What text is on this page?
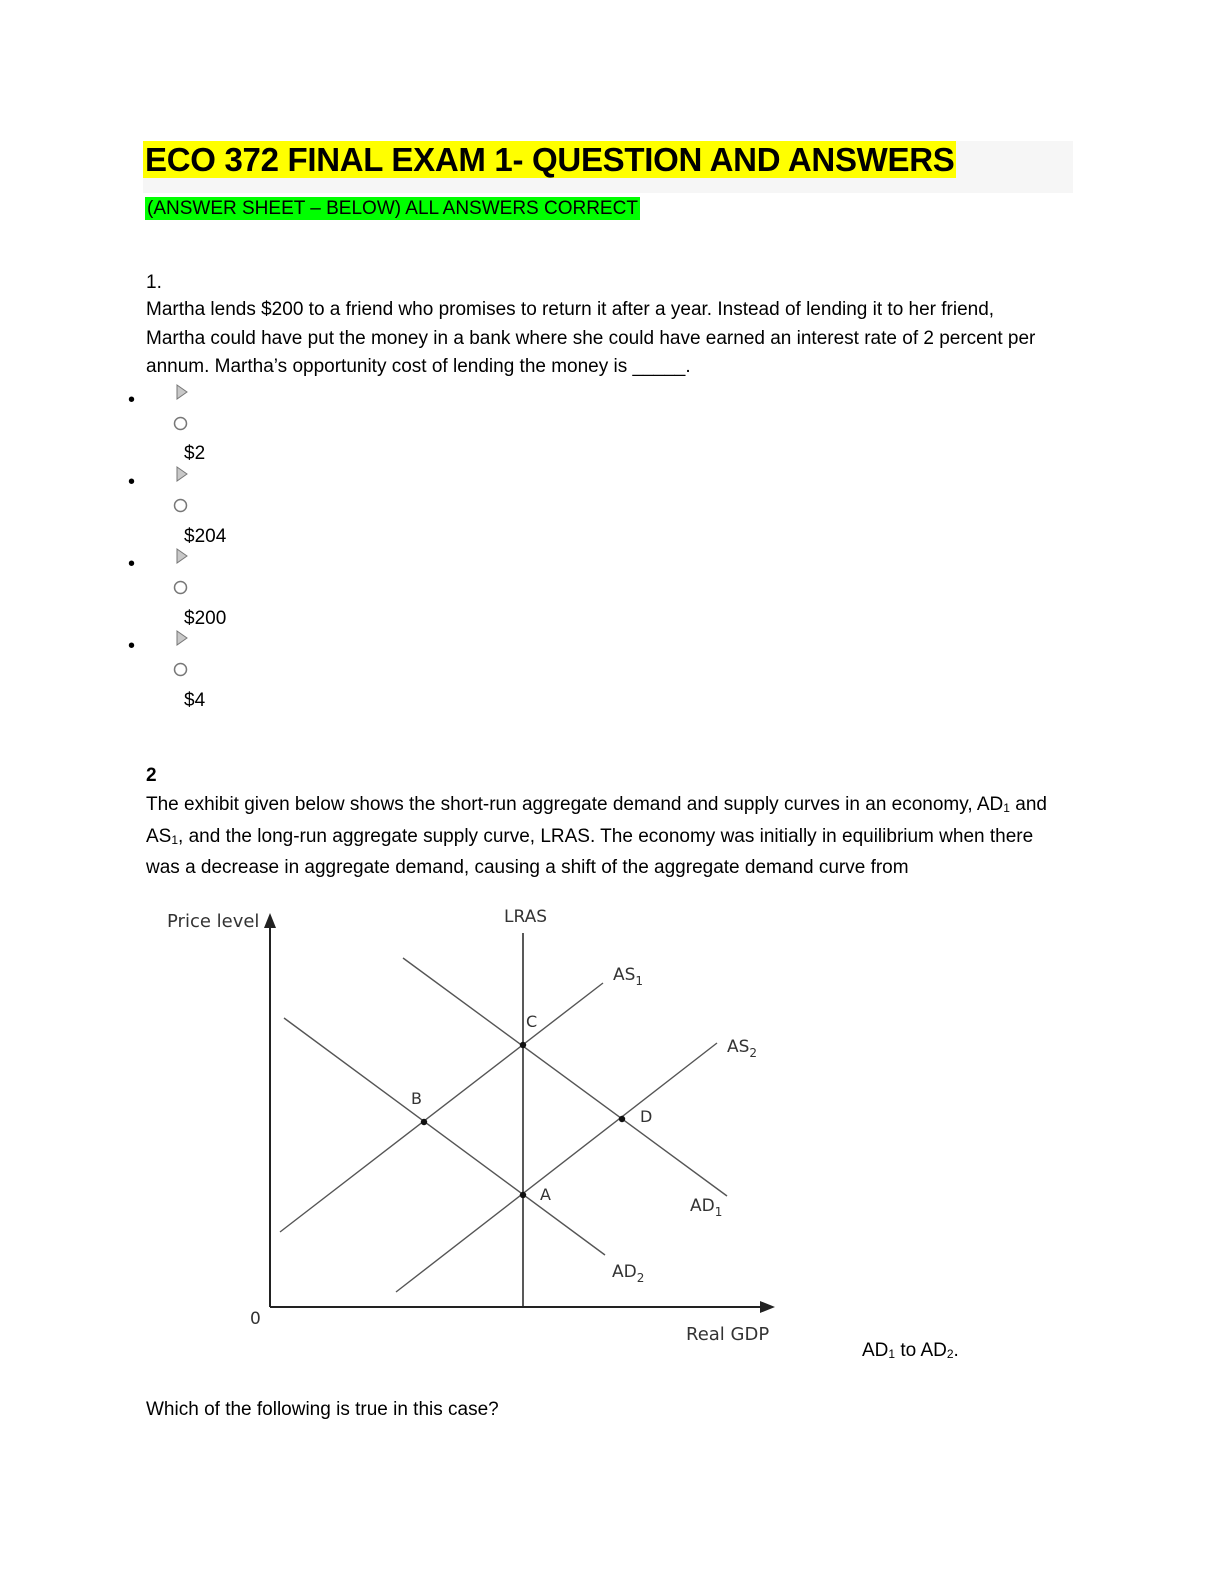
ECO 372 FINAL EXAM 1- QUESTION AND ANSWERS
(ANSWER SHEET – BELOW) ALL ANSWERS CORRECT
1.
Martha lends $200 to a friend who promises to return it after a year. Instead of lending it to her friend, Martha could have put the money in a bank where she could have earned an interest rate of 2 percent per annum. Martha’s opportunity cost of lending the money is _____.
•
$2
•
$204
•
$200
•
$4
2
The exhibit given below shows the short-run aggregate demand and supply curves in an economy, AD1 and AS1, and the long-run aggregate supply curve, LRAS. The economy was initially in equilibrium when there was a decrease in aggregate demand, causing a shift of the aggregate demand curve from
Price level
Real GDP
0
LRAS
$AS_1$
$AS_2$
$AD_1$
$AD_2$
C
B
D
A
AD1 to AD2.
Which of the following is true in this case?
